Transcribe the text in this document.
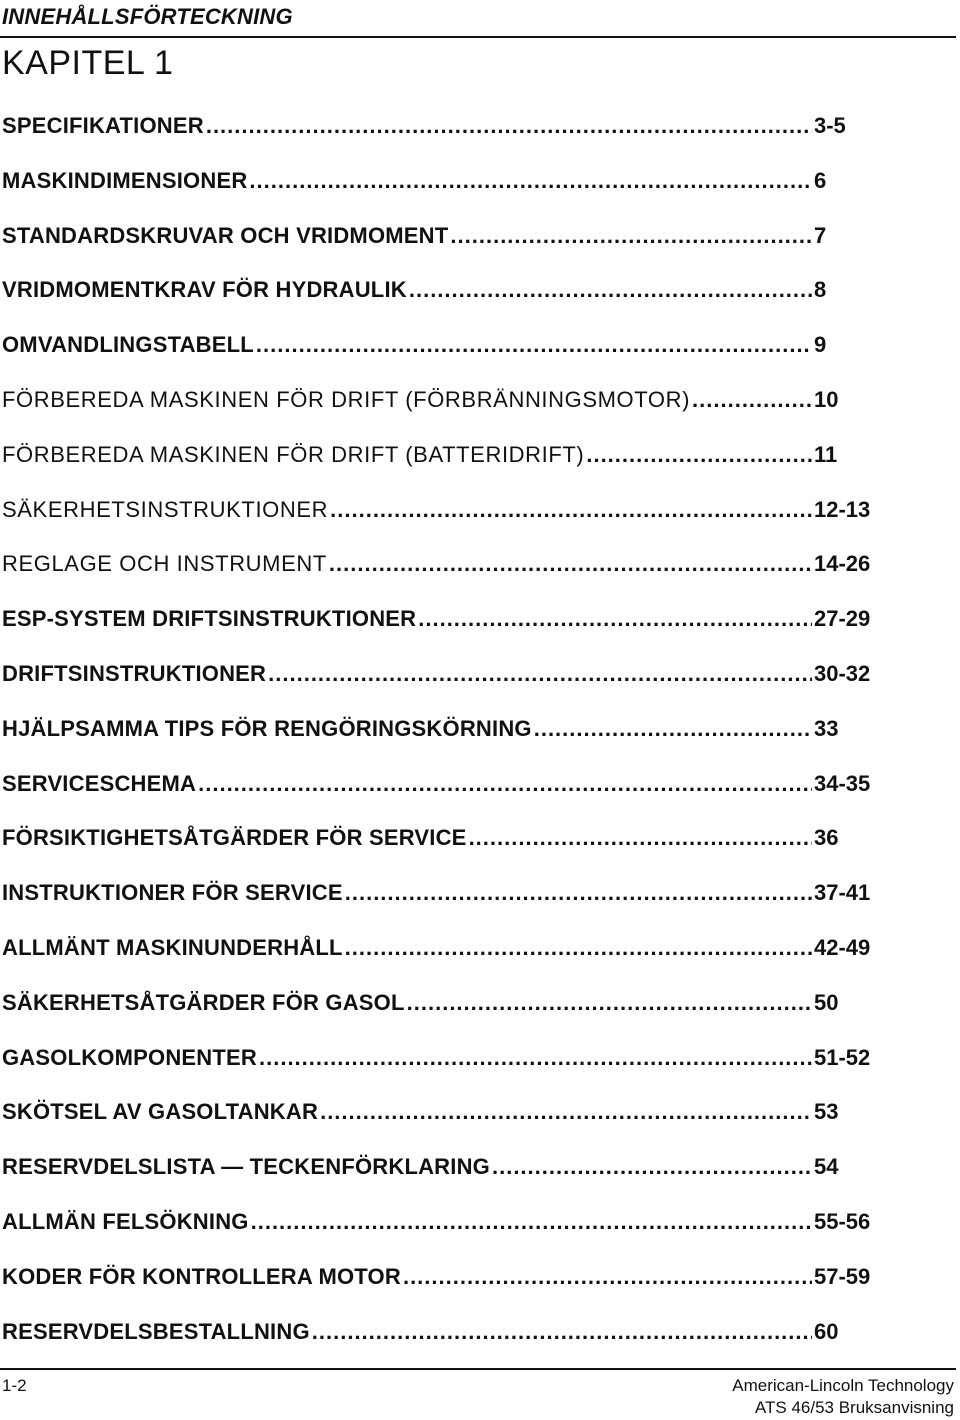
INNEHÅLLSFÖRTECKNING
KAPITEL 1
SPECIFIKATIONER .....	3-5
MASKINDIMENSIONER .....	6
STANDARDSKRUVAR OCH VRIDMOMENT .....	7
VRIDMOMENTKRAV FÖR HYDRAULIK .....	8
OMVANDLINGSTABELL .....	9
FÖRBEREDA MASKINEN FÖR DRIFT (FÖRBRÄNNINGSMOTOR) .....	10
FÖRBEREDA MASKINEN FÖR DRIFT (BATTERIDRIFT) .....	11
SÄKERHETSINSTRUKTIONER .....	12-13
REGLAGE OCH INSTRUMENT .....	14-26
ESP-SYSTEM DRIFTSINSTRUKTIONER .....	27-29
DRIFTSINSTRUKTIONER .....	30-32
HJÄLPSAMMA TIPS FÖR RENGÖRINGSKÖRNING .....	33
SERVICESCHEMA .....	34-35
FÖRSIKTIGHETSÅTGÄRDER FÖR SERVICE .....	36
INSTRUKTIONER FÖR SERVICE .....	37-41
ALLMÄNT MASKINUNDERHÅLL .....	42-49
SÄKERHETSÅTGÄRDER FÖR GASOL .....	50
GASOLKOMPONENTER .....	51-52
SKÖTSEL AV GASOLTANKAR .....	53
RESERVDELSLISTA — TECKENFÖRKLARING .....	54
ALLMÄN FELSÖKNING .....	55-56
KODER FÖR KONTROLLERA MOTOR .....	57-59
RESERVDELSBESTALLNING .....	60
1-2	American-Lincoln Technology
ATS 46/53 Bruksanvisning
